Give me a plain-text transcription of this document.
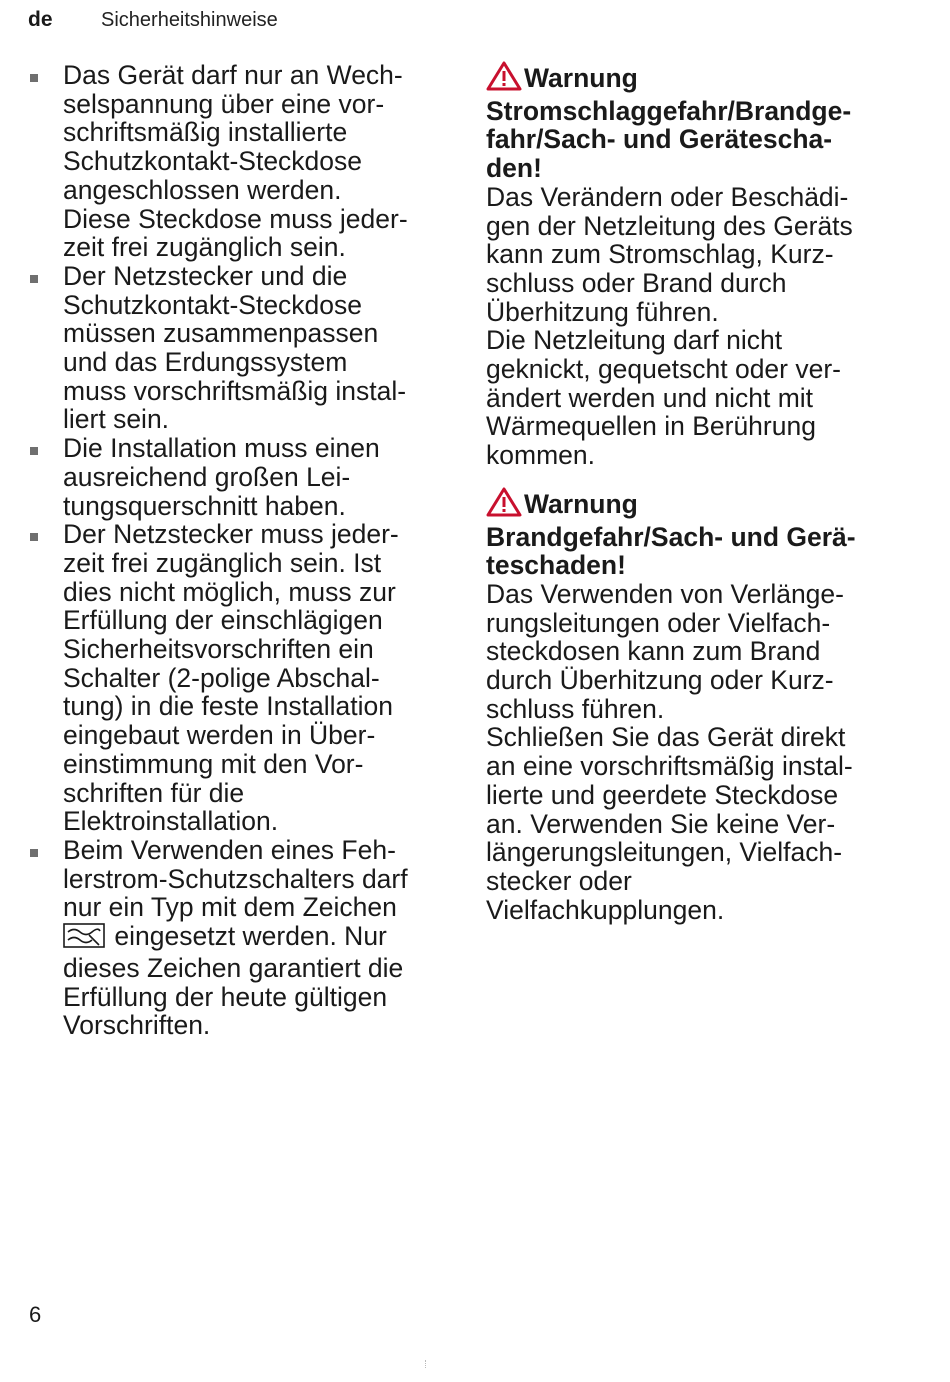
de Sicherheitshinweise
Das Gerät darf nur an Wech-
selspannung über eine vor-
schriftsmäßig installierte
Schutzkontakt-Steckdose
angeschlossen werden.
Diese Steckdose muss jeder-
zeit frei zugänglich sein.
Der Netzstecker und die
Schutzkontakt-Steckdose
müssen zusammenpassen
und das Erdungssystem
muss vorschriftsmäßig instal-
liert sein.
Die Installation muss einen
ausreichend großen Lei-
tungsquerschnitt haben.
Der Netzstecker muss jeder-
zeit frei zugänglich sein. Ist
dies nicht möglich, muss zur
Erfüllung der einschlägigen
Sicherheitsvorschriften ein
Schalter (2-polige Abschal-
tung) in die feste Installation
eingebaut werden in Über-
einstimmung mit den Vor-
schriften für die
Elektroinstallation.
Beim Verwenden eines Feh-
lerstrom-Schutzschalters darf
nur ein Typ mit dem Zeichen
eingesetzt werden. Nur
dieses Zeichen garantiert die
Erfüllung der heute gültigen
Vorschriften.
Warnung
Stromschlaggefahr/Brandge-
fahr/Sach- und Gerätescha-
den!
Das Verändern oder Beschädi-
gen der Netzleitung des Geräts
kann zum Stromschlag, Kurz-
schluss oder Brand durch
Überhitzung führen.
Die Netzleitung darf nicht
geknickt, gequetscht oder ver-
ändert werden und nicht mit
Wärmequellen in Berührung
kommen.
Warnung
Brandgefahr/Sach- und Gerä-
teschaden!
Das Verwenden von Verlänge-
rungsleitungen oder Vielfach-
steckdosen kann zum Brand
durch Überhitzung oder Kurz-
schluss führen.
Schließen Sie das Gerät direkt
an eine vorschriftsmäßig instal-
lierte und geerdete Steckdose
an. Verwenden Sie keine Ver-
längerungsleitungen, Vielfach-
stecker oder
Vielfachkupplungen.
6
